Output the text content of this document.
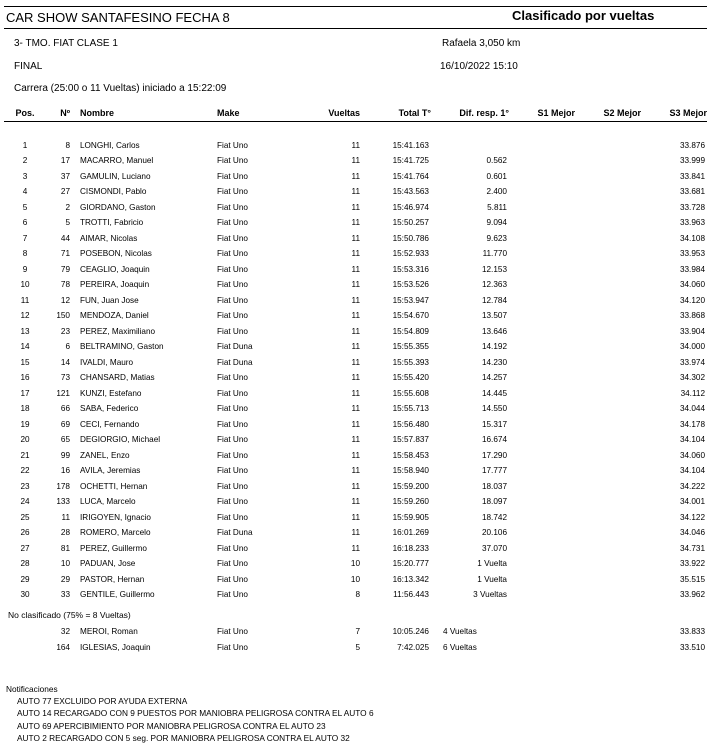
CAR SHOW SANTAFESINO FECHA 8	Clasificado por vueltas
3- TMO. FIAT CLASE 1	Rafaela 3,050 km
FINAL	16/10/2022 15:10
Carrera (25:00 o 11 Vueltas) iniciado a 15:22:09
Pos.	Nº	Nombre	Make	Vueltas	Total T°	Dif. resp. 1°	S1 Mejor	S2 Mejor	S3 Mejor

1	8	LONGHI, Carlos	Fiat Uno	11	15:41.163				33.876
2	17	MACARRO, Manuel	Fiat Uno	11	15:41.725	0.562			33.999
3	37	GAMULIN, Luciano	Fiat Uno	11	15:41.764	0.601			33.841
4	27	CISMONDI, Pablo	Fiat Uno	11	15:43.563	2.400			33.681
5	2	GIORDANO, Gaston	Fiat Uno	11	15:46.974	5.811			33.728
6	5	TROTTI, Fabricio	Fiat Uno	11	15:50.257	9.094			33.963
7	44	AIMAR, Nicolas	Fiat Uno	11	15:50.786	9.623			34.108
8	71	POSEBON, Nicolas	Fiat Uno	11	15:52.933	11.770			33.953
9	79	CEAGLIO, Joaquin	Fiat Uno	11	15:53.316	12.153			33.984
10	78	PEREIRA, Joaquin	Fiat Uno	11	15:53.526	12.363			34.060
11	12	FUN, Juan Jose	Fiat Uno	11	15:53.947	12.784			34.120
12	150	MENDOZA, Daniel	Fiat Uno	11	15:54.670	13.507			33.868
13	23	PEREZ, Maximiliano	Fiat Uno	11	15:54.809	13.646			33.904
14	6	BELTRAMINO, Gaston	Fiat Duna	11	15:55.355	14.192			34.000
15	14	IVALDI, Mauro	Fiat Duna	11	15:55.393	14.230			33.974
16	73	CHANSARD, Matias	Fiat Uno	11	15:55.420	14.257			34.302
17	121	KUNZI, Estefano	Fiat Uno	11	15:55.608	14.445			34.112
18	66	SABA, Federico	Fiat Uno	11	15:55.713	14.550			34.044
19	69	CECI, Fernando	Fiat Uno	11	15:56.480	15.317			34.178
20	65	DEGIORGIO, Michael	Fiat Uno	11	15:57.837	16.674			34.104
21	99	ZANEL, Enzo	Fiat Uno	11	15:58.453	17.290			34.060
22	16	AVILA, Jeremias	Fiat Uno	11	15:58.940	17.777			34.104
23	178	OCHETTI, Hernan	Fiat Uno	11	15:59.200	18.037			34.222
24	133	LUCA, Marcelo	Fiat Uno	11	15:59.260	18.097			34.001
25	11	IRIGOYEN, Ignacio	Fiat Uno	11	15:59.905	18.742			34.122
26	28	ROMERO, Marcelo	Fiat Duna	11	16:01.269	20.106			34.046
27	81	PEREZ, Guillermo	Fiat Uno	11	16:18.233	37.070			34.731
28	10	PADUAN, Jose	Fiat Uno	10	15:20.777	1 Vuelta			33.922
29	29	PASTOR, Hernan	Fiat Uno	10	16:13.342	1 Vuelta			35.515
30	33	GENTILE, Guillermo	Fiat Uno	8	11:56.443	3 Vueltas			33.962
No clasificado (75% = 8 Vueltas)
	32	MEROI, Roman	Fiat Uno	7	10:05.246	4 Vueltas			33.833
	164	IGLESIAS, Joaquin	Fiat Uno	5	7:42.025	6 Vueltas			33.510
Notificaciones
AUTO 77 EXCLUIDO POR AYUDA EXTERNA
AUTO 14 RECARGADO CON 9 PUESTOS POR MANIOBRA PELIGROSA CONTRA EL AUTO 6
AUTO 69 APERCIBIMIENTO POR MANIOBRA PELIGROSA CONTRA EL AUTO 23
AUTO 2 RECARGADO CON 5 seg. POR MANIOBRA PELIGROSA CONTRA EL AUTO 32
